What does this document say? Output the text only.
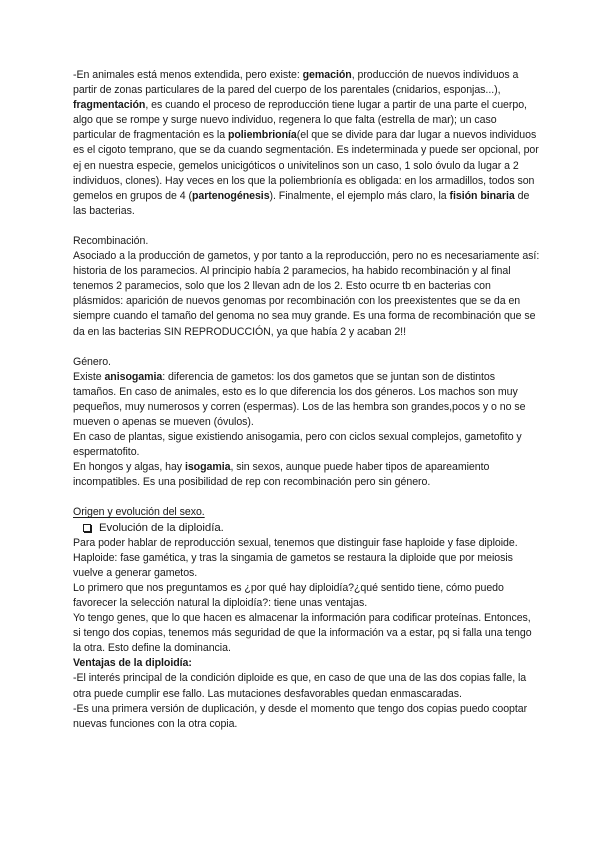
-En animales está menos extendida, pero existe: gemación, producción de nuevos individuos a partir de zonas particulares de la pared del cuerpo de los parentales (cnidarios, esponjas...), fragmentación, es cuando el proceso de reproducción tiene lugar a partir de una parte el cuerpo, algo que se rompe y surge nuevo individuo, regenera lo que falta (estrella de mar); un caso particular de fragmentación es la poliembrionía(el que se divide para dar lugar a nuevos individuos es el cigoto temprano, que se da cuando segmentación. Es indeterminada y puede ser opcional, por ej en nuestra especie, gemelos unicigóticos o univitelinos son un caso, 1 solo óvulo da lugar a 2 individuos, clones). Hay veces en los que la poliembrionía es obligada: en los armadillos, todos son gemelos en grupos de 4 (partenogénesis). Finalmente, el ejemplo más claro, la fisión binaria de las bacterias.

Recombinación.

Asociado a la producción de gametos, y por tanto a la reproducción, pero no es necesariamente así: historia de los paramecios. Al principio había 2 paramecios, ha habido recombinación y al final tenemos 2 paramecios, solo que los 2 llevan adn de los 2. Esto ocurre tb en bacterias con plásmidos: aparición de nuevos genomas por recombinación con los preexistentes que se da en siempre cuando el tamaño del genoma no sea muy grande. Es una forma de recombinación que se da en las bacterias SIN REPRODUCCIÓN, ya que había 2 y acaban 2!!

Género.

Existe anisogamia: diferencia de gametos: los dos gametos que se juntan son de distintos tamaños. En caso de animales, esto es lo que diferencia los dos géneros. Los machos son muy pequeños, muy numerosos y corren (espermas). Los de las hembra son grandes,pocos y o no se mueven o apenas se mueven (óvulos).

En caso de plantas, sigue existiendo anisogamia, pero con ciclos sexual complejos, gametofito y espermatofito.

En hongos y algas, hay isogamia, sin sexos, aunque puede haber tipos de apareamiento incompatibles. Es una posibilidad de rep con recombinación pero sin género.

Origen y evolución del sexo.

Evolución de la diploidía.

Para poder hablar de reproducción sexual, tenemos que distinguir fase haploide y fase diploide. Haploide: fase gamética, y tras la singamia de gametos se restaura la diploide que por meiosis vuelve a generar gametos.

Lo primero que nos preguntamos es ¿por qué hay diploidía?¿qué sentido tiene, cómo puedo favorecer la selección natural la diploidía?: tiene unas ventajas.

Yo tengo genes, que lo que hacen es almacenar la información para codificar proteínas. Entonces, si tengo dos copias, tenemos más seguridad de que la información va a estar, pq si falla una tengo la otra. Esto define la dominancia.

Ventajas de la diploidía:

-El interés principal de la condición diploide es que, en caso de que una de las dos copias falle, la otra puede cumplir ese fallo. Las mutaciones desfavorables quedan enmascaradas.

-Es una primera versión de duplicación, y desde el momento que tengo dos copias puedo cooptar nuevas funciones con la otra copia.
